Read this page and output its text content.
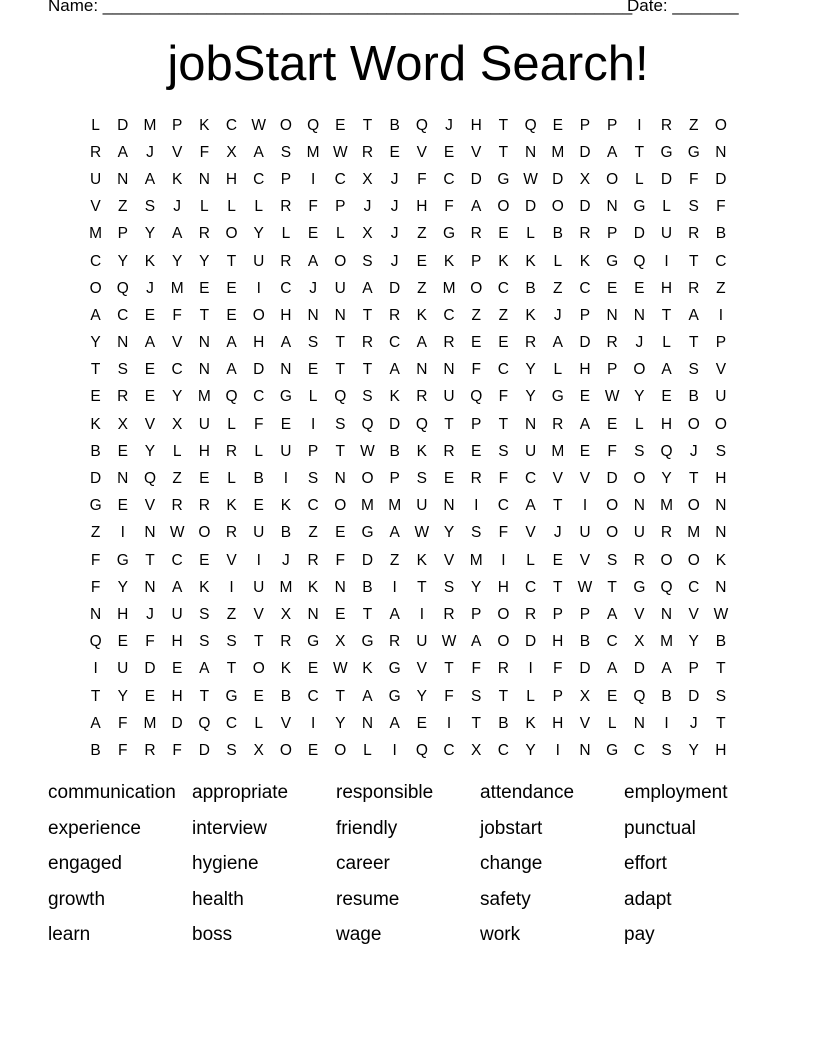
Name: ________________________________________________________
Date: _______
jobStart Word Search!
L	D M	P	K	C W O Q	E	T	B	Q	J	H	T	Q	E	P	P	I	R	Z	O
R	A	J	V	F	X	A	S	M W R	E	V	E	V	T	N M D	A	T	G G	N
U	N	A	K	N	H	C	P	I	C	X	J	F	C	D	G W D	X	O	L	D	F	D
V	Z	S	J	L	L	L	R	F	P	J	J	H	F	A	O	D	O	D	N	G	L	S	F
M	P	Y	A	R	O	Y	L	E	L	X	J	Z	G	R	E	L	B	R	P	D	U	R	B
C	Y	K	Y	Y	T	U	R	A	O	S	J	E	K	P	K	K	L	K	G Q	I	T	C
O Q	J	M	E	E	I	C	J	U	A	D	Z	M O	C	B	Z	C	E	E	H	R	Z
A	C	E	F	T	E	O	H	N	N	T	R	K	C	Z	Z	K	J	P	N	N	T	A	I
Y	N	A	V	N	A	H	A	S	T	R	C	A	R	E	E	R	A	D	R	J	L	T	P
T	S	E	C	N	A	D	N	E	T	T	A	N	N	F	C	Y	L	H	P	O	A	S	V
E	R	E	Y	M Q	C	G	L	Q	S	K	R	U	Q	F	Y	G	E W Y	E	B	U
K	X	V	X	U	L	F	E	I	S	Q	D	Q	T	P	T	N	R	A	E	L	H	O O
B	E	Y	L	H	R	L	U	P	T W B	K	R	E	S	U M	E	F	S	Q	J	S
D	N	Q	Z	E	L	B	I	S	N	O	P	S	E	R	F	C	V	V	D	O	Y	T	H
G	E	V	R	R	K	E	K	C	O M M U	N	I	C	A	T	I	O	N M O	N
Z	I	N W O	R	U	B	Z	E	G	A W Y	S	F	V	J	U	O	U	R M N
F	G	T	C	E	V	I	J	R	F	D	Z	K	V	M	I	L	E	V	S	R	O O	K
F	Y	N	A	K	I	U M	K	N	B	I	T	S	Y	H	C	T W T	G Q	C	N
N	H	J	U	S	Z	V	X	N	E	T	A	I	R	P	O	R	P	P	A	V	N	V W
Q	E	F	H	S	S	T	R	G	X	G	R	U W A	O	D	H	B	C	X	M	Y	B
I	U	D	E	A	T	O	K	E W K	G	V	T	F	R	I	F	D	A	D	A	P	T
T	Y	E	H	T	G	E	B	C	T	A	G	Y	F	S	T	L	P	X	E	Q	B	D	S
A	F	M D	Q	C	L	V	I	Y	N	A	E	I	T	B	K	H	V	L	N	I	J	T
B	F	R	F	D	S	X	O	E	O	L	I	Q	C	X	C	Y	I	N	G	C	S	Y	H
communication appropriate	responsible	attendance	employment
experience	interview	friendly	jobstart	punctual
engaged	hygiene	career	change	effort
growth	health	resume	safety	adapt
learn	boss	wage	work	pay
